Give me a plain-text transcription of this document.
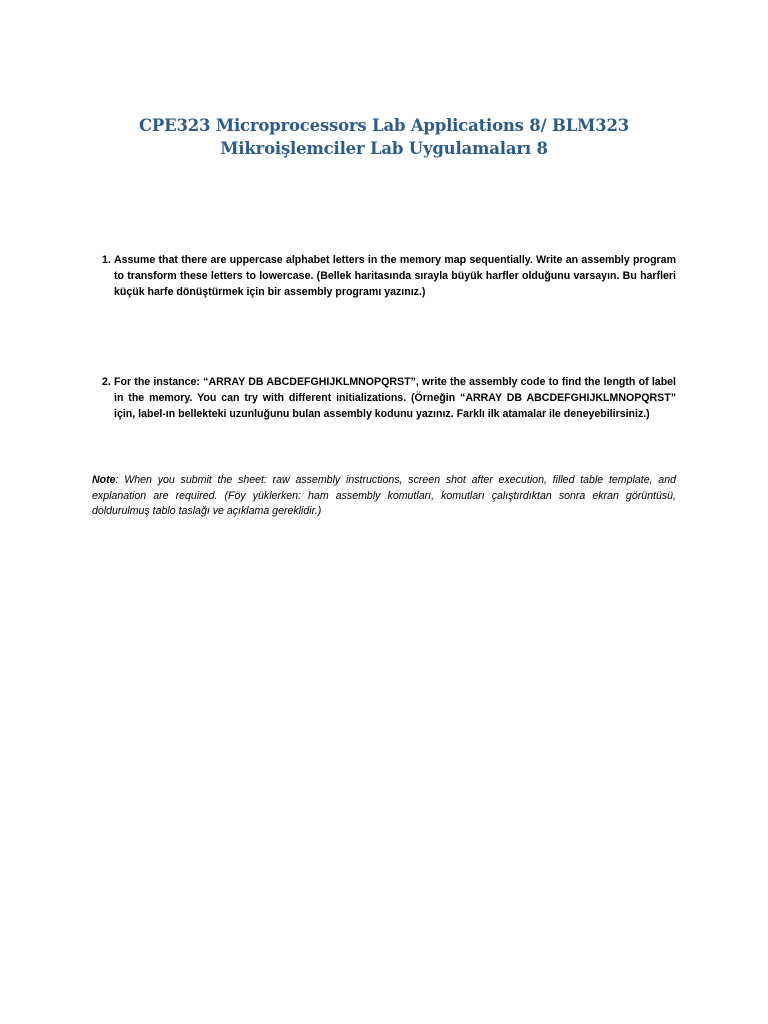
CPE323 Microprocessors Lab Applications 8/ BLM323 Mikroişlemciler Lab Uygulamaları 8
1. Assume that there are uppercase alphabet letters in the memory map sequentially. Write an assembly program to transform these letters to lowercase. (Bellek haritasında sırayla büyük harfler olduğunu varsayın. Bu harfleri küçük harfe dönüştürmek için bir assembly programı yazınız.)
2. For the instance: “ARRAY DB ABCDEFGHIJKLMNOPQRST”, write the assembly code to find the length of label in the memory. You can try with different initializations. (Örneğin “ARRAY DB ABCDEFGHIJKLMNOPQRST” için, label-ın bellekteki uzunluğunu bulan assembly kodunu yazınız. Farklı ilk atamalar ile deneyebilirsiniz.)
Note: When you submit the sheet: raw assembly instructions, screen shot after execution, filled table template, and explanation are required. (Föy yüklerken: ham assembly komutları, komutları çalıştırdıktan sonra ekran görüntüsü, doldurulmuş tablo taslağı ve açıklama gereklidir.)
